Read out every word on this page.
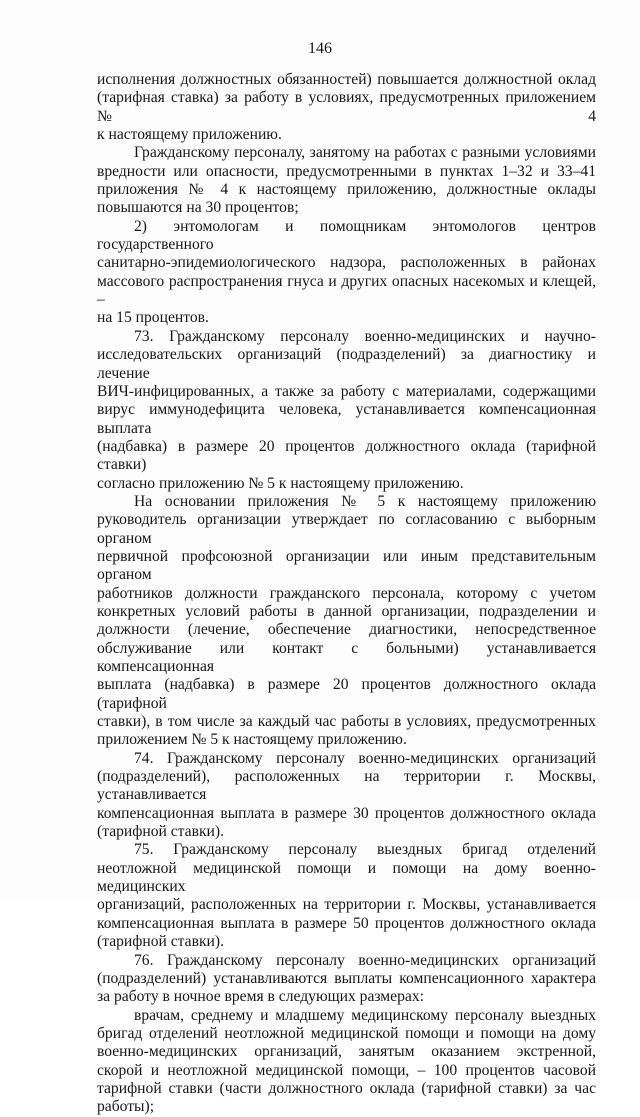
146

исполнения должностных обязанностей) повышается должностной оклад

(тарифная ставка) за работу в условиях, предусмотренных приложением № 4

к настоящему приложению.

Гражданскому персоналу, занятому на работах с разными условиями

вредности или опасности, предусмотренными в пунктах 1–32 и 33–41

приложения № 4 к настоящему приложению, должностные оклады

повышаются на 30 процентов;

2) энтомологам и помощникам энтомологов центров государственного

санитарно-эпидемиологического надзора, расположенных в районах

массового распространения гнуса и других опасных насекомых и клещей, –

на 15 процентов.

73. Гражданскому персоналу военно-медицинских и научно-

исследовательских организаций (подразделений) за диагностику и лечение

ВИЧ-инфицированных, а также за работу с материалами, содержащими

вирус иммунодефицита человека, устанавливается компенсационная выплата

(надбавка) в размере 20 процентов должностного оклада (тарифной ставки)

согласно приложению № 5 к настоящему приложению.

На основании приложения № 5 к настоящему приложению

руководитель организации утверждает по согласованию с выборным органом

первичной профсоюзной организации или иным представительным органом

работников должности гражданского персонала, которому с учетом

конкретных условий работы в данной организации, подразделении и

должности (лечение, обеспечение диагностики, непосредственное

обслуживание или контакт с больными) устанавливается компенсационная

выплата (надбавка) в размере 20 процентов должностного оклада (тарифной

ставки), в том числе за каждый час работы в условиях, предусмотренных

приложением № 5 к настоящему приложению.

74. Гражданскому персоналу военно-медицинских организаций

(подразделений), расположенных на территории г. Москвы, устанавливается

компенсационная выплата в размере 30 процентов должностного оклада

(тарифной ставки).

75. Гражданскому персоналу выездных бригад отделений

неотложной медицинской помощи и помощи на дому военно-медицинских

организаций, расположенных на территории г. Москвы, устанавливается

компенсационная выплата в размере 50 процентов должностного оклада

(тарифной ставки).

76. Гражданскому персоналу военно-медицинских организаций

(подразделений) устанавливаются выплаты компенсационного характера

за работу в ночное время в следующих размерах:

врачам, среднему и младшему медицинскому персоналу выездных

бригад отделений неотложной медицинской помощи и помощи на дому

военно-медицинских организаций, занятым оказанием экстренной,

скорой и неотложной медицинской помощи, – 100 процентов часовой

тарифной ставки (части должностного оклада (тарифной ставки) за час

работы);
